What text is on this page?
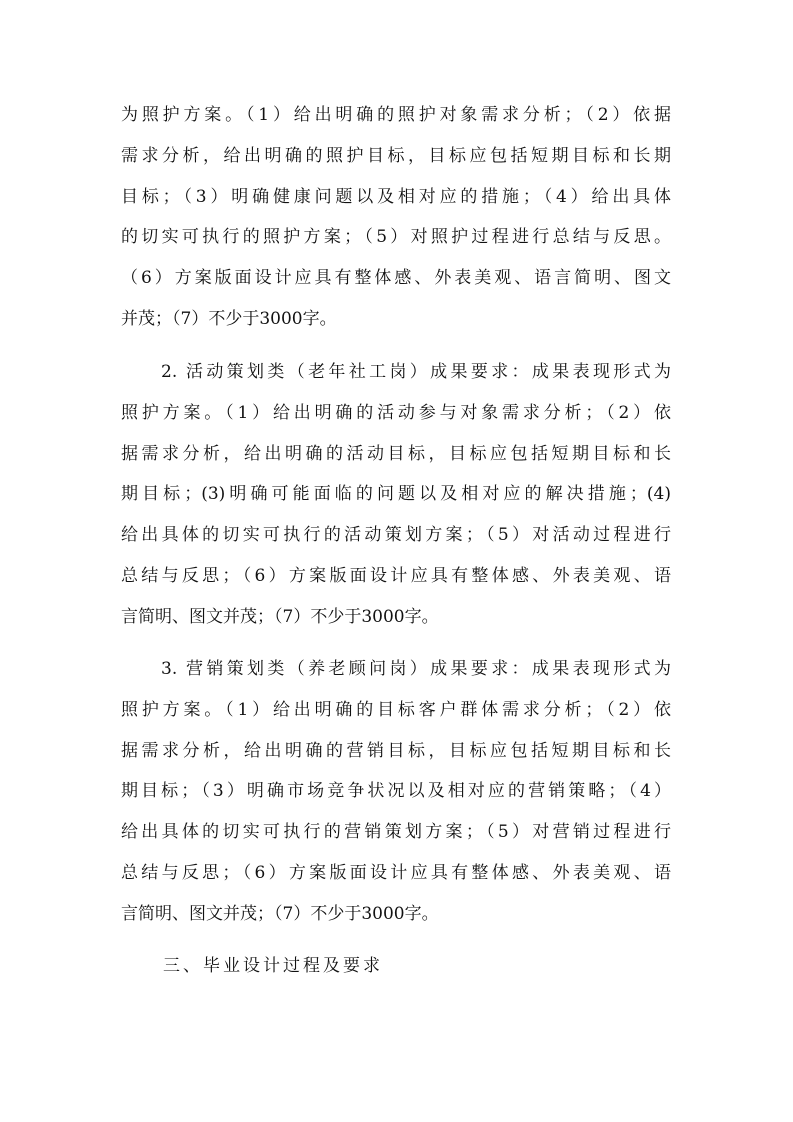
为照护方案。（1）给出明确的照护对象需求分析；（2）依据
需求分析，给出明确的照护目标，目标应包括短期目标和长期
目标；（3）明确健康问题以及相对应的措施；（4）给出具体
的切实可执行的照护方案；（5）对照护过程进行总结与反思。
（6）方案版面设计应具有整体感、外表美观、语言简明、图文
并茂；（7）不少于3000字。
2. 活动策划类（老年社工岗）成果要求：成果表现形式为
照护方案。（1）给出明确的活动参与对象需求分析；（2）依
据需求分析，给出明确的活动目标，目标应包括短期目标和长
期目标；(3)明确可能面临的问题以及相对应的解决措施；(4)
给出具体的切实可执行的活动策划方案；（5）对活动过程进行
总结与反思；（6）方案版面设计应具有整体感、外表美观、语
言简明、图文并茂；（7）不少于3000字。
3. 营销策划类（养老顾问岗）成果要求：成果表现形式为
照护方案。（1）给出明确的目标客户群体需求分析；（2）依
据需求分析，给出明确的营销目标，目标应包括短期目标和长
期目标；（3）明确市场竞争状况以及相对应的营销策略；（4）
给出具体的切实可执行的营销策划方案；（5）对营销过程进行
总结与反思；（6）方案版面设计应具有整体感、外表美观、语
言简明、图文并茂；（7）不少于3000字。
三、毕业设计过程及要求
